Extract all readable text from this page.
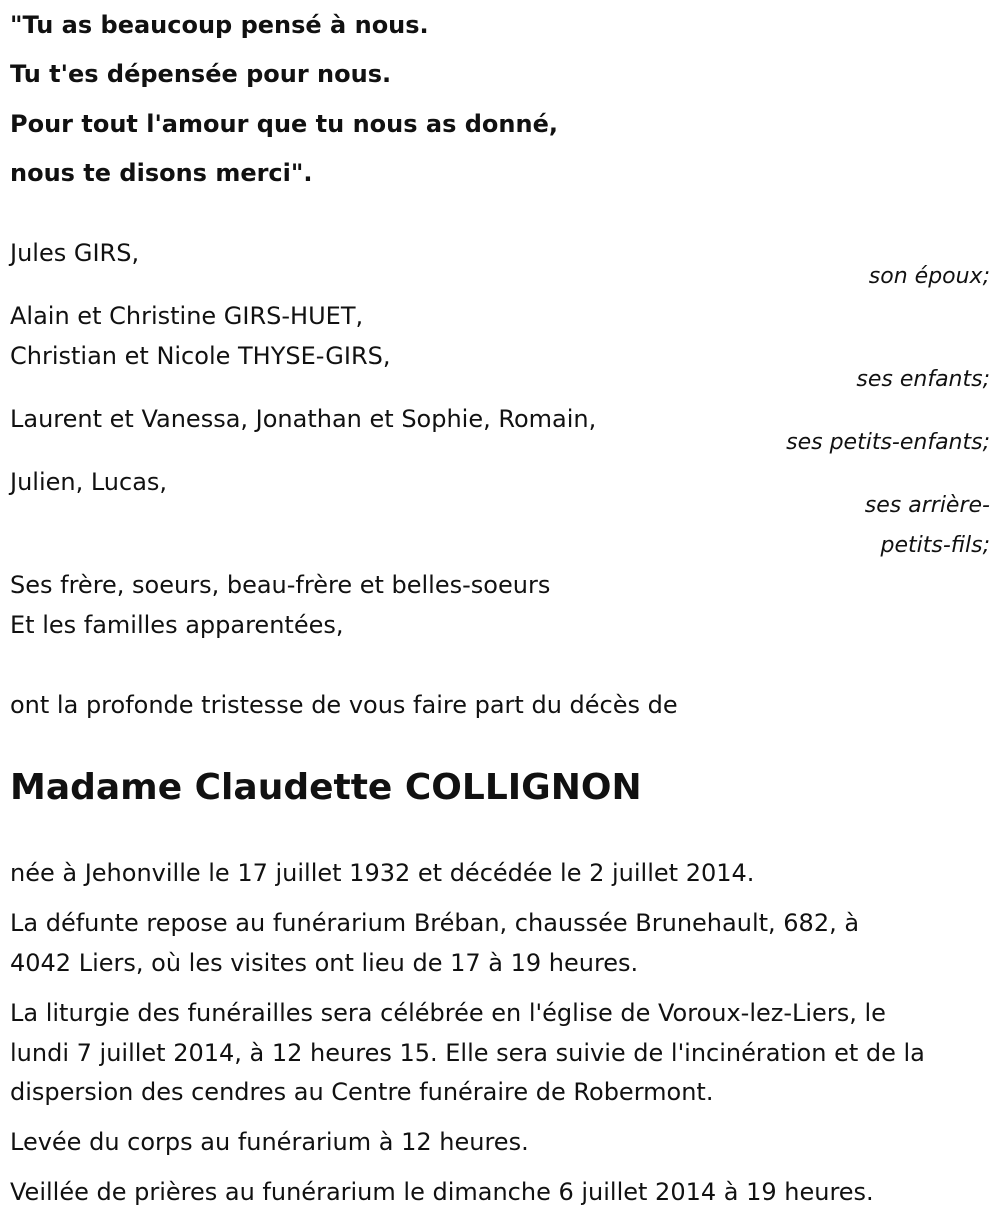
"Tu as beaucoup pensé à nous.
Tu t'es dépensée pour nous.
Pour tout l'amour que tu nous as donné,
nous te disons merci".
Jules GIRS,
son époux;
Alain et Christine GIRS-HUET,
Christian et Nicole THYSE-GIRS,
ses enfants;
Laurent et Vanessa, Jonathan et Sophie, Romain,
ses petits-enfants;
Julien, Lucas,
ses arrière-
petits-fils;
Ses frère, soeurs, beau-frère et belles-soeurs
Et les familles apparentées,
ont la profonde tristesse de vous faire part du décès de
Madame Claudette COLLIGNON
née à Jehonville le 17 juillet 1932 et décédée le 2 juillet 2014.
La défunte repose au funérarium Bréban, chaussée Brunehault, 682, à
4042 Liers, où les visites ont lieu de 17 à 19 heures.
La liturgie des funérailles sera célébrée en l'église de Voroux-lez-Liers, le
lundi 7 juillet 2014, à 12 heures 15. Elle sera suivie de l'incinération et de la
dispersion des cendres au Centre funéraire de Robermont.
Levée du corps au funérarium à 12 heures.
Veillée de prières au funérarium le dimanche 6 juillet 2014 à 19 heures.
